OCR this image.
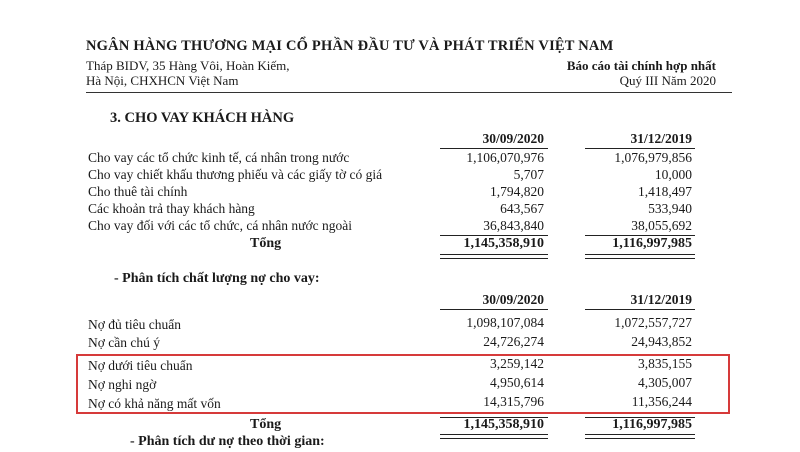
NGÂN HÀNG THƯƠNG MẠI CỔ PHẦN ĐẦU TƯ VÀ PHÁT TRIỂN VIỆT NAM
Tháp BIDV, 35 Hàng Vôi, Hoàn Kiếm,
Hà Nội, CHXHCN Việt Nam
Báo cáo tài chính hợp nhất
Quý III Năm 2020
3. CHO VAY KHÁCH HÀNG
30/09/2020	31/12/2019
Cho vay các tổ chức kinh tế, cá nhân trong nước	1,106,070,976	1,076,979,856
Cho vay chiết khấu thương phiếu và các giấy tờ có giá	5,707	10,000
Cho thuê tài chính	1,794,820	1,418,497
Các khoản trả thay khách hàng	643,567	533,940
Cho vay đối với các tổ chức, cá nhân nước ngoài	36,843,840	38,055,692
Tổng	1,145,358,910	1,116,997,985
- Phân tích chất lượng nợ cho vay:
30/09/2020	31/12/2019
Nợ đủ tiêu chuẩn	1,098,107,084	1,072,557,727
Nợ cần chú ý	24,726,274	24,943,852
Nợ dưới tiêu chuẩn	3,259,142	3,835,155
Nợ nghi ngờ	4,950,614	4,305,007
Nợ có khả năng mất vốn	14,315,796	11,356,244
Tổng	1,145,358,910	1,116,997,985
- Phân tích dư nợ theo thời gian:
